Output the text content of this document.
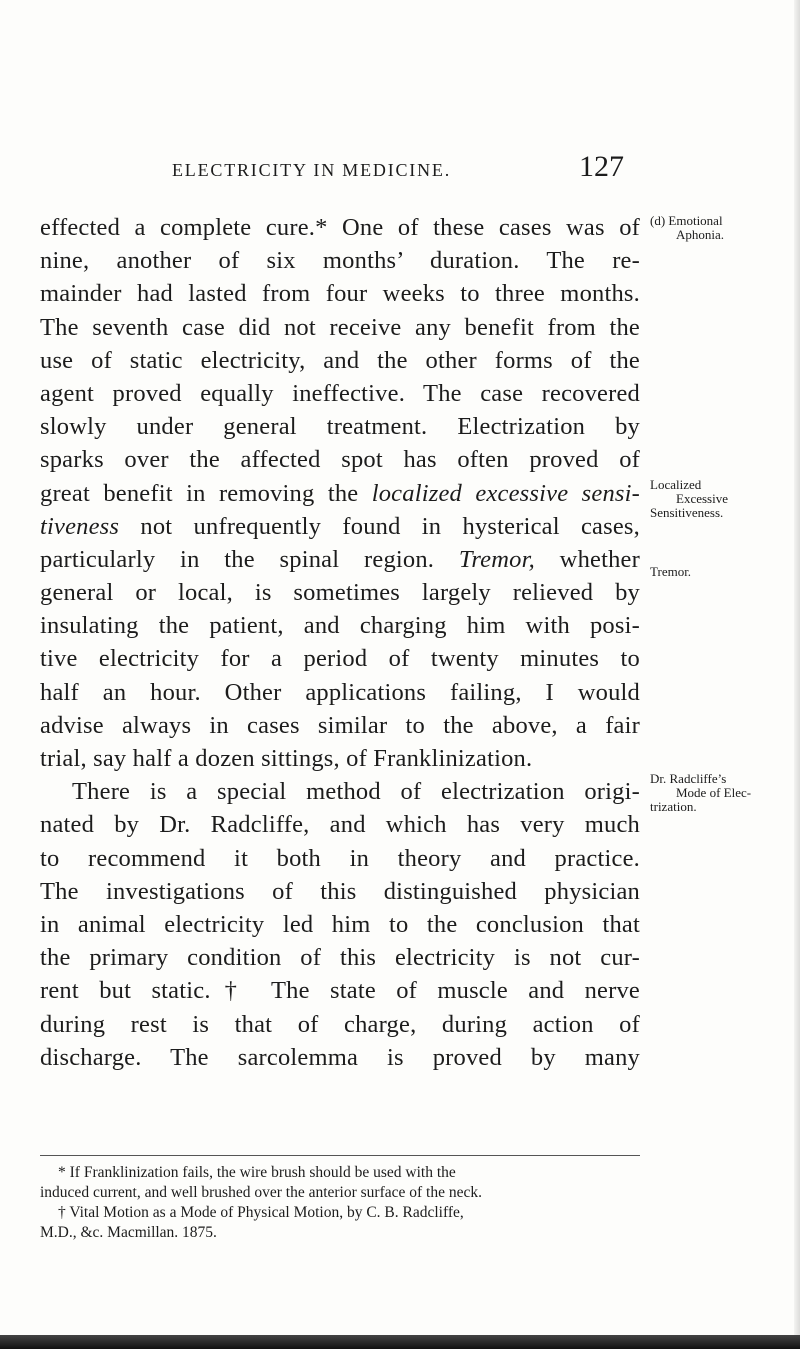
ELECTRICITY IN MEDICINE.	127
effected a complete cure.* One of these cases was of
nine, another of six months’ duration. The re-
mainder had lasted from four weeks to three months.
The seventh case did not receive any benefit from the
use of static electricity, and the other forms of the
agent proved equally ineffective. The case recovered
slowly under general treatment. Electrization by
sparks over the affected spot has often proved of
great benefit in removing the localized excessive sensi-
tiveness not unfrequently found in hysterical cases,
particularly in the spinal region. Tremor, whether
general or local, is sometimes largely relieved by
insulating the patient, and charging him with posi-
tive electricity for a period of twenty minutes to
half an hour. Other applications failing, I would
advise always in cases similar to the above, a fair
trial, say half a dozen sittings, of Franklinization.
There is a special method of electrization origi-
nated by Dr. Radcliffe, and which has very much
to recommend it both in theory and practice.
The investigations of this distinguished physician
in animal electricity led him to the conclusion that
the primary condition of this electricity is not cur-
rent but static.† The state of muscle and nerve
during rest is that of charge, during action of
discharge. The sarcolemma is proved by many
(d) Emotional
Aphonia.
Localized
Excessive
Sensitiveness.
Tremor.
Dr. Radcliffe’s
Mode of Elec-
trization.
* If Franklinization fails, the wire brush should be used with the
induced current, and well brushed over the anterior surface of the neck.
† Vital Motion as a Mode of Physical Motion, by C. B. Radcliffe,
M.D., &c. Macmillan. 1875.
